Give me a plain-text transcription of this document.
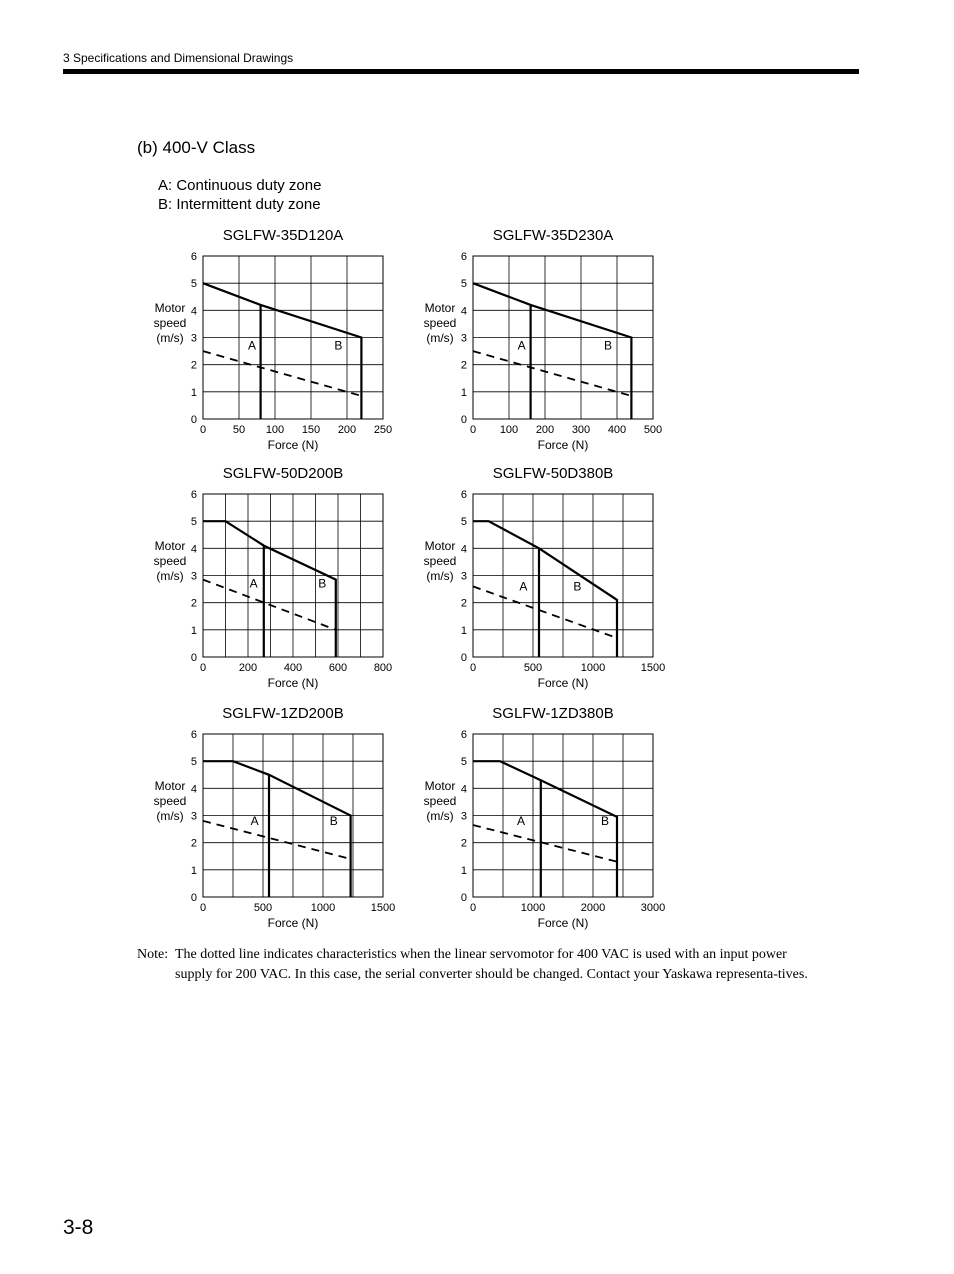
3 Specifications and Dimensional Drawings
(b) 400-V Class
A: Continuous duty zone
B: Intermittent duty zone
SGLFW-35D120A
0 50 100 150 200 250
0
1
2
3
4
5
6
Force (N)
Motor
speed
(m/s)
A	B
SGLFW-35D230A
0 100 200 300 400 500
0
1
2
3
4
5
6
Force (N)
Motor
speed
(m/s)
A	B
SGLFW-50D200B
0	200 400 600 800
0
1
2
3
4
5
6
Force (N)
Motor
speed
(m/s)
A	B
SGLFW-50D380B
0	500	1000	1500
0
1
2
3
4
5
6
Force (N)
Motor
speed
(m/s)
A	B
SGLFW-1ZD200B
0	500	1000	1500
0
1
2
3
4
5
6
Force (N)
Motor
speed
(m/s)	A	B
SGLFW-1ZD380B
0	1000	2000	3000
0
1
2
3
4
5
6
Force (N)
Motor
speed
(m/s)	A	B
Note: The dotted line indicates characteristics when the linear servomotor for 400 VAC is used with an input power supply for 200 VAC. In this case, the serial converter should be changed. Contact your Yaskawa representa-tives.
3-8
